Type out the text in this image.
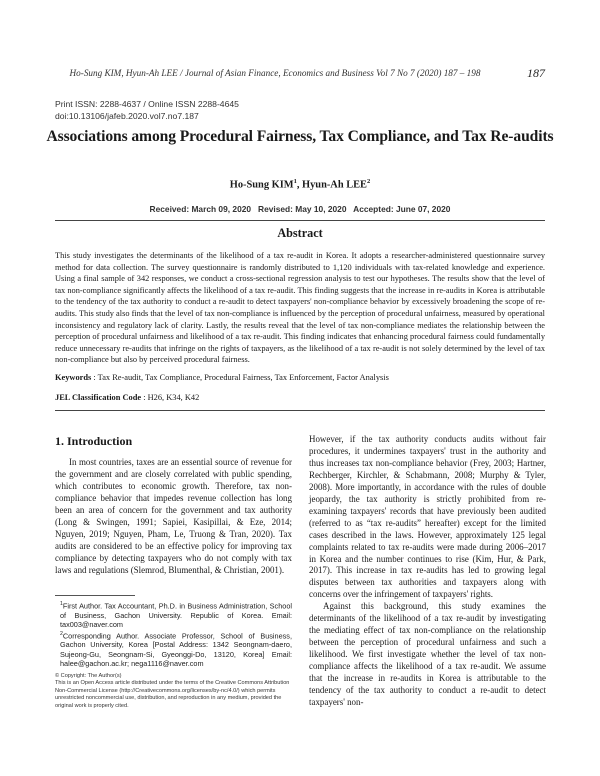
Ho-Sung KIM, Hyun-Ah LEE / Journal of Asian Finance, Economics and Business Vol 7 No 7 (2020) 187 – 198	187
Print ISSN: 2288-4637 / Online ISSN 2288-4645
doi:10.13106/jafeb.2020.vol7.no7.187
Associations among Procedural Fairness, Tax Compliance, and Tax Re-audits
Ho-Sung KIM$^1$, Hyun-Ah LEE$^2$
Received: March 09, 2020   Revised: May 10, 2020   Accepted: June 07, 2020
Abstract
This study investigates the determinants of the likelihood of a tax re-audit in Korea. It adopts a researcher-administered questionnaire survey method for data collection. The survey questionnaire is randomly distributed to 1,120 individuals with tax-related knowledge and experience. Using a final sample of 342 responses, we conduct a cross-sectional regression analysis to test our hypotheses. The results show that the level of tax non-compliance significantly affects the likelihood of a tax re-audit. This finding suggests that the increase in re-audits in Korea is attributable to the tendency of the tax authority to conduct a re-audit to detect taxpayers' non-compliance behavior by excessively broadening the scope of re-audits. This study also finds that the level of tax non-compliance is influenced by the perception of procedural unfairness, measured by operational inconsistency and regulatory lack of clarity. Lastly, the results reveal that the level of tax non-compliance mediates the relationship between the perception of procedural unfairness and likelihood of a tax re-audit. This finding indicates that enhancing procedural fairness could fundamentally reduce unnecessary re-audits that infringe on the rights of taxpayers, as the likelihood of a tax re-audit is not solely determined by the level of tax non-compliance but also by perceived procedural fairness.
Keywords : Tax Re-audit, Tax Compliance, Procedural Fairness, Tax Enforcement, Factor Analysis
JEL Classification Code : H26, K34, K42
1. Introduction

In most countries, taxes are an essential source of revenue for the government and are closely correlated with public spending, which contributes to economic growth. Therefore, tax non-compliance behavior that impedes revenue collection has long been an area of concern for the government and tax authority (Long & Swingen, 1991; Sapiei, Kasipillai, & Eze, 2014; Nguyen, 2019; Nguyen, Pham, Le, Truong & Tran, 2020). Tax audits are considered to be an effective policy for improving tax compliance by detecting taxpayers who do not comply with tax laws and regulations (Slemrod, Blumenthal, & Christian, 2001).

However, if the tax authority conducts audits without fair procedures, it undermines taxpayers' trust in the authority and thus increases tax non-compliance behavior (Frey, 2003; Hartner, Rechberger, Kirchler, & Schabmann, 2008; Murphy & Tyler, 2008). More importantly, in accordance with the rules of double jeopardy, the tax authority is strictly prohibited from re-examining taxpayers' records that have previously been audited (referred to as “tax re-audits” hereafter) except for the limited cases described in the laws. However, approximately 125 legal complaints related to tax re-audits were made during 2006–2017 in Korea and the number continues to rise (Kim, Hur, & Park, 2017). This increase in tax re-audits has led to growing legal disputes between tax authorities and taxpayers along with concerns over the infringement of taxpayers' rights.

Against this background, this study examines the determinants of the likelihood of a tax re-audit by investigating the mediating effect of tax non-compliance on the relationship between the perception of procedural unfairness and such a likelihood. We first investigate whether the level of tax non-compliance affects the likelihood of a tax re-audit. We assume that the increase in re-audits in Korea is attributable to the tendency of the tax authority to conduct a re-audit to detect taxpayers' non-

$^1$First Author. Tax Accountant, Ph.D. in Business Administration, School of Business, Gachon University. Republic of Korea. Email: tax003@naver.com

$^2$Corresponding Author. Associate Professor, School of Business, Gachon University, Korea [Postal Address: 1342 Seongnam-daero, Sujeong-Gu, Seongnam-Si, Gyeonggi-Do, 13120, Korea] Email: halee@gachon.ac.kr; nega1116@naver.com

© Copyright: The Author(s)

This is an Open Access article distributed under the terms of the Creative Commons Attribution Non-Commercial License (http://Creativecommons.org/licenses/by-nc/4.0/) which permits unrestricted noncommercial use, distribution, and reproduction in any medium, provided the original work is properly cited.
